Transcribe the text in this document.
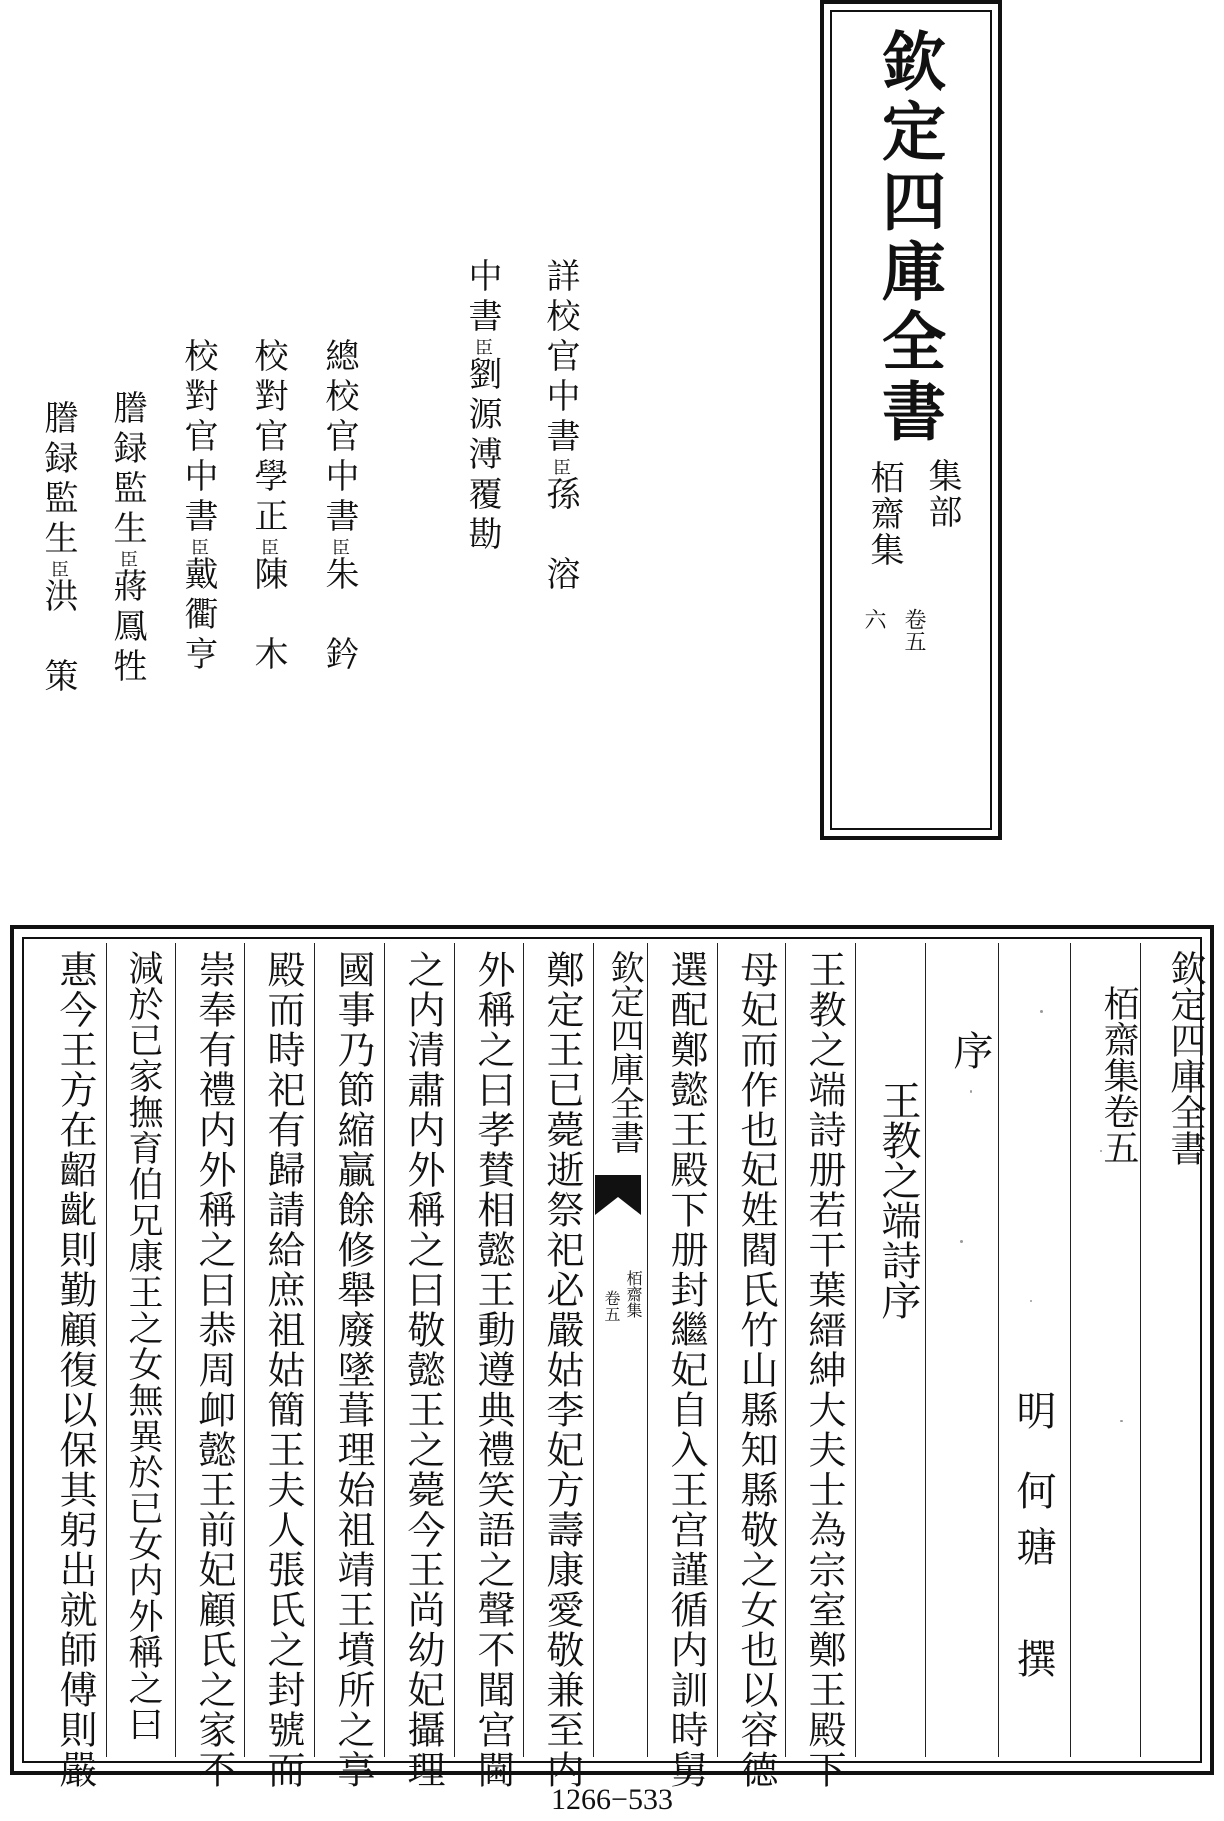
欽定四庫全書
集部
栢齋集
卷五
六
詳校官中書臣孫　溶
中書臣劉源溥覆勘
總校官中書臣朱　鈐
校對官學正臣陳　木
校對官中書臣戴衢亨
謄録監生臣蔣鳳牲
謄録監生臣洪　策
欽定四庫全書
栢齋集卷五
明
何瑭　撰
序
王教之端詩序
王教之端詩册若干葉縉紳大夫士為宗室鄭王殿下
母妃而作也妃姓閻氏竹山縣知縣敬之女也以容德
選配鄭懿王殿下册封繼妃自入王宫謹循内訓時舅
欽定四庫全書
栢齋集
卷五
鄭定王已薨逝祭祀必嚴姑李妃方壽康愛敬兼至内
外稱之曰孝賛相懿王動遵典禮笑語之聲不聞宫閫
之内清肅内外稱之曰敬懿王之薨今王尚幼妃攝理
國事乃節縮贏餘修舉廢墜葺理始祖靖王墳所之享
殿而時祀有歸請給庶祖姑簡王夫人張氏之封號而
崇奉有禮内外稱之曰恭周卹懿王前妃顧氏之家不
減於已家撫育伯兄康王之女無異於已女内外稱之曰
惠今王方在齠齔則勤顧復以保其躬出就師傅則嚴
1266−533
